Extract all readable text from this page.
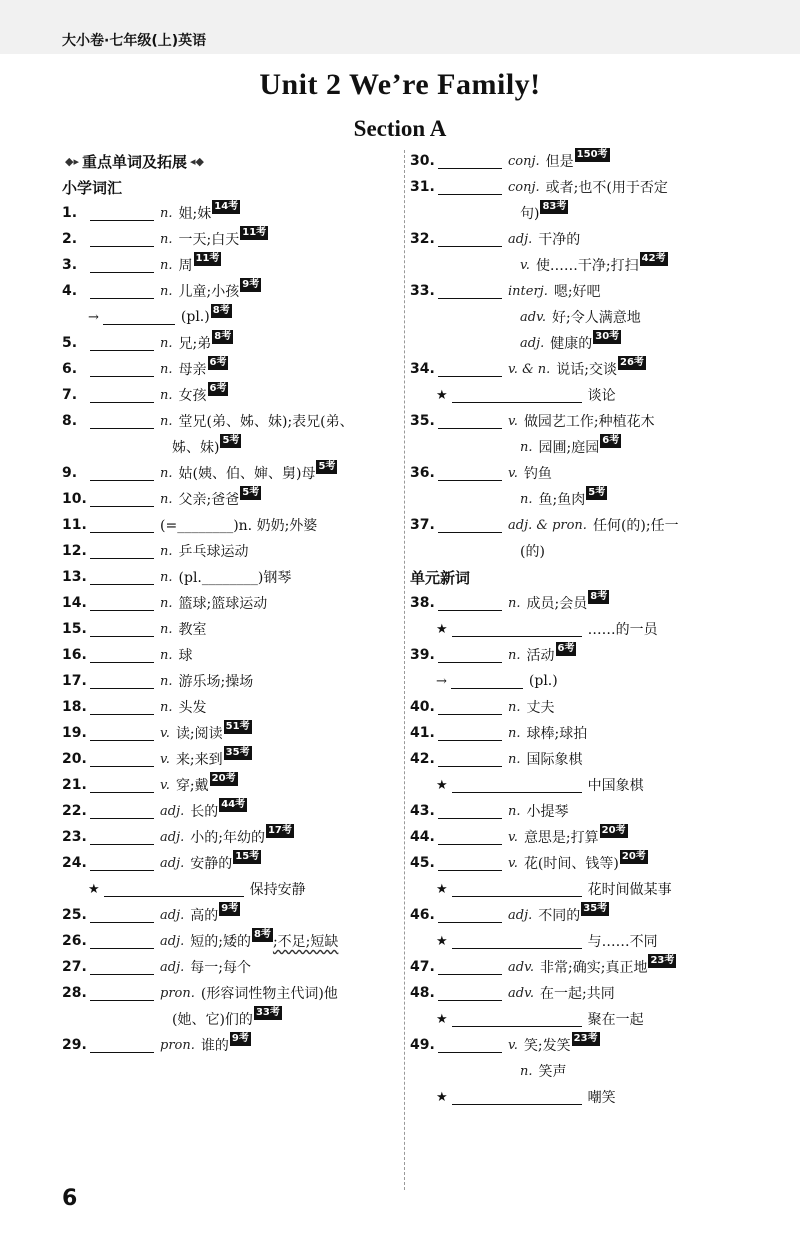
大小卷·七年级(上)英语
Unit 2 We’re Family!
Section A
◆▸ 重点单词及拓展 ◂◆
小学词汇
1.	n. 姐;妹 14考
2.	n. 一天;白天 11考
3.	n. 周 11考
4.	n. 儿童;小孩 9考
→	(pl.) 8考
5.	n. 兄;弟 8考
6.	n. 母亲 6考
7.	n. 女孩 6考
8.	n. 堂兄(弟、姊、妹);表兄(弟、
姊、妹) 5考
9.	n. 姑(姨、伯、婶、舅)母 5考
10.	n. 父亲;爸爸 5考
11.	(=________)n. 奶奶;外婆
12.	n. 乒乓球运动
13.	n. (pl.________)钢琴
14.	n. 篮球;篮球运动
15.	n. 教室
16.	n. 球
17.	n. 游乐场;操场
18.	n. 头发
19.	v. 读;阅读 51考
20.	v. 来;来到 35考
21.	v. 穿;戴 20考
22.	adj. 长的 44考
23.	adj. 小的;年幼的 17考
24.	adj. 安静的 15考
★	保持安静
25.	adj. 高的 9考
26.	adj. 短的;矮的 8考 ;不足;短缺
27.	adj. 每一;每个
28.	pron. (形容词性物主代词)他
(她、它)们的 33考
29.	pron. 谁的 9考
30.	conj. 但是 150考
31.	conj. 或者;也不(用于否定
句) 83考
32.	adj. 干净的
v. 使……干净;打扫 42考
33.	interj. 嗯;好吧
adv. 好;令人满意地
adj. 健康的 30考
34.	v. & n. 说话;交谈 26考
★	谈论
35.	v. 做园艺工作;种植花木
n. 园圃;庭园 6考
36.	v. 钓鱼
n. 鱼;鱼肉 5考
37.	adj. & pron. 任何(的);任一
(的)
单元新词
38.	n. 成员;会员 8考
★	……的一员
39.	n. 活动 6考
→	(pl.)
40.	n. 丈夫
41.	n. 球棒;球拍
42.	n. 国际象棋
★	中国象棋
43.	n. 小提琴
44.	v. 意思是;打算 20考
45.	v. 花(时间、钱等) 20考
★	花时间做某事
46.	adj. 不同的 35考
★	与……不同
47.	adv. 非常;确实;真正地 23考
48.	adv. 在一起;共同
★	聚在一起
49.	v. 笑;发笑 23考
n. 笑声
★	嘲笑
6
